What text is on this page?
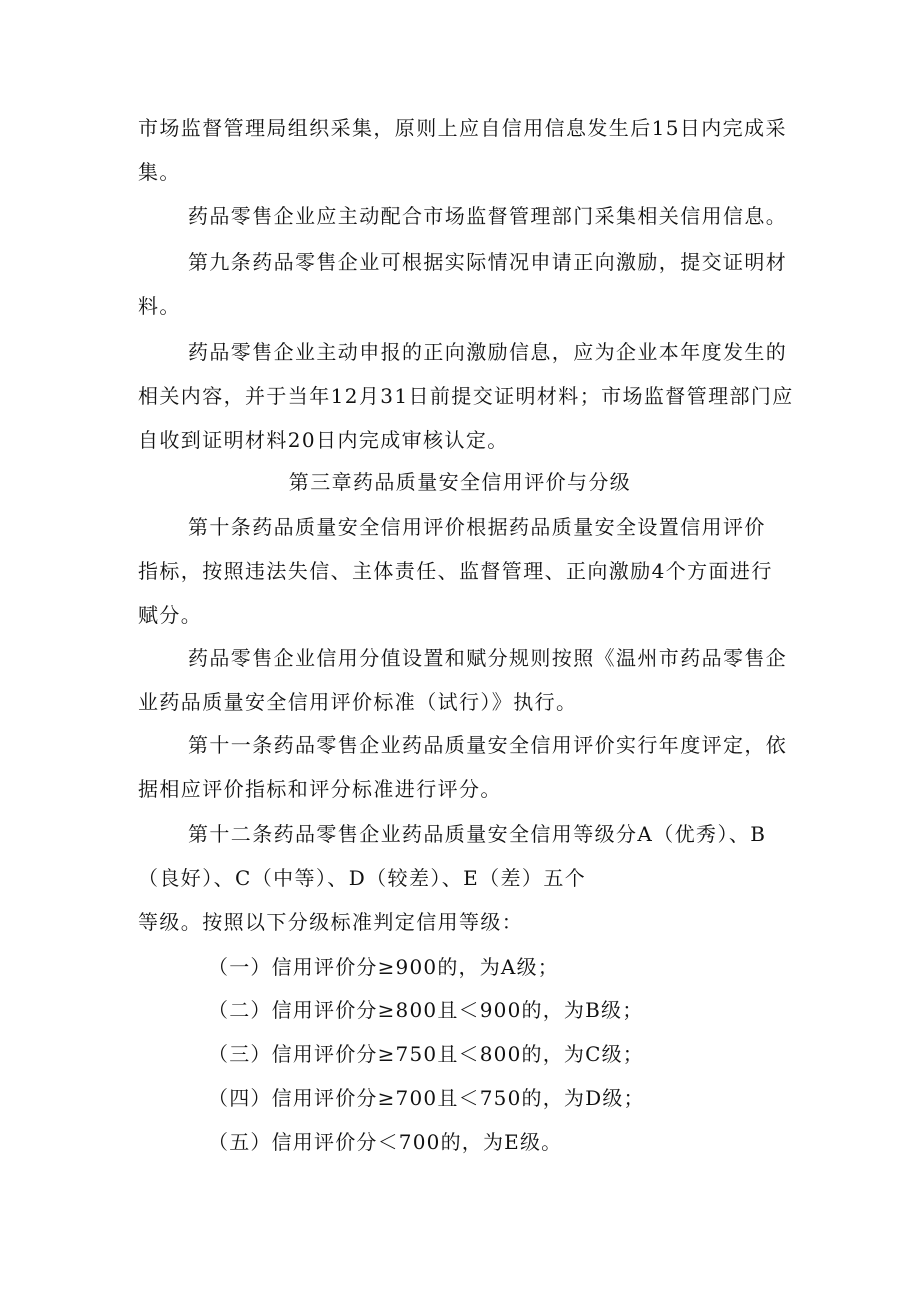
市场监督管理局组织采集，原则上应自信用信息发生后15日内完成采
集。

药品零售企业应主动配合市场监督管理部门采集相关信用信息。

第九条药品零售企业可根据实际情况申请正向激励，提交证明材
料。

药品零售企业主动申报的正向激励信息，应为企业本年度发生的
相关内容，并于当年12月31日前提交证明材料；市场监督管理部门应
自收到证明材料20日内完成审核认定。

第三章药品质量安全信用评价与分级

第十条药品质量安全信用评价根据药品质量安全设置信用评价
指标，按照违法失信、主体责任、监督管理、正向激励4个方面进行
赋分。

药品零售企业信用分值设置和赋分规则按照《温州市药品零售企
业药品质量安全信用评价标准（试行）》执行。

第十一条药品零售企业药品质量安全信用评价实行年度评定，依
据相应评价指标和评分标准进行评分。

第十二条药品零售企业药品质量安全信用等级分A（优秀）、B
（良好）、C（中等）、D（较差）、E（差）五个
等级。按照以下分级标准判定信用等级：

（一）信用评价分≥900的，为A级；

（二）信用评价分≥800且＜900的，为B级；

（三）信用评价分≥750且＜800的，为C级；

（四）信用评价分≥700且＜750的，为D级；

（五）信用评价分＜700的，为E级。
